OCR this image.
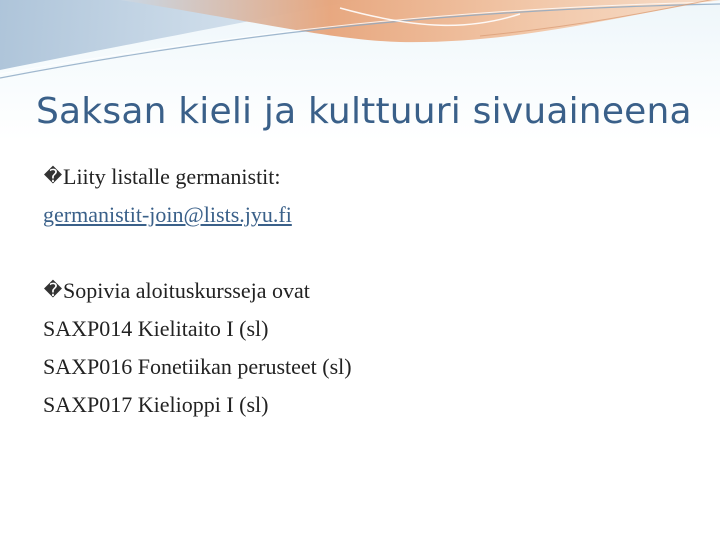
Saksan kieli ja kulttuuri sivuaineena
�Liity listalle germanistit:
germanistit-join@lists.jyu.fi
�Sopivia aloituskursseja ovat
SAXP014 Kielitaito I (sl)
SAXP016 Fonetiikan perusteet (sl)
SAXP017 Kielioppi I (sl)
